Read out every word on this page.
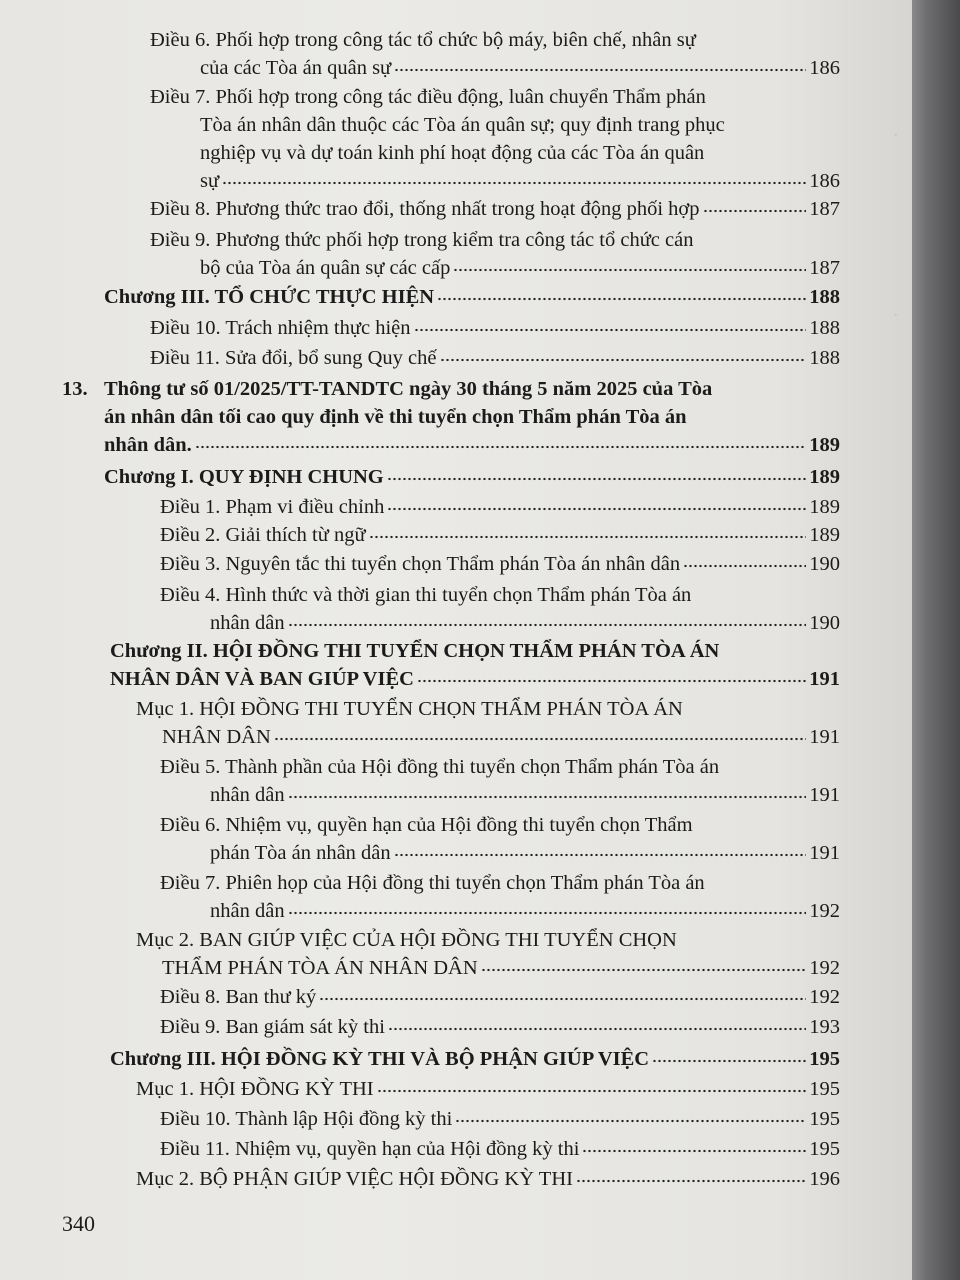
.
.
Điều 6. Phối hợp trong công tác tổ chức bộ máy, biên chế, nhân sự
của các Tòa án quân sự	186
Điều 7. Phối hợp trong công tác điều động, luân chuyển Thẩm phán
Tòa án nhân dân thuộc các Tòa án quân sự; quy định trang phục
nghiệp vụ và dự toán kinh phí hoạt động của các Tòa án quân
sự	186
Điều 8. Phương thức trao đổi, thống nhất trong hoạt động phối hợp	187
Điều 9. Phương thức phối hợp trong kiểm tra công tác tổ chức cán
bộ của Tòa án quân sự các cấp	187
Chương III. TỔ CHỨC THỰC HIỆN	188
Điều 10. Trách nhiệm thực hiện	188
Điều 11. Sửa đổi, bổ sung Quy chế	188
13. Thông tư số 01/2025/TT-TANDTC ngày 30 tháng 5 năm 2025 của Tòa
án nhân dân tối cao quy định về thi tuyển chọn Thẩm phán Tòa án
nhân dân.	189
Chương I. QUY ĐỊNH CHUNG	189
Điều 1. Phạm vi điều chỉnh	189
Điều 2. Giải thích từ ngữ	189
Điều 3. Nguyên tắc thi tuyển chọn Thẩm phán Tòa án nhân dân	190
Điều 4. Hình thức và thời gian thi tuyển chọn Thẩm phán Tòa án
nhân dân	190
Chương II. HỘI ĐỒNG THI TUYỂN CHỌN THẨM PHÁN TÒA ÁN
NHÂN DÂN VÀ BAN GIÚP VIỆC	191
Mục 1. HỘI ĐỒNG THI TUYỂN CHỌN THẨM PHÁN TÒA ÁN
NHÂN DÂN	191
Điều 5. Thành phần của Hội đồng thi tuyển chọn Thẩm phán Tòa án
nhân dân	191
Điều 6. Nhiệm vụ, quyền hạn của Hội đồng thi tuyển chọn Thẩm
phán Tòa án nhân dân	191
Điều 7. Phiên họp của Hội đồng thi tuyển chọn Thẩm phán Tòa án
nhân dân	192
Mục 2. BAN GIÚP VIỆC CỦA HỘI ĐỒNG THI TUYỂN CHỌN
THẨM PHÁN TÒA ÁN NHÂN DÂN	192
Điều 8. Ban thư ký	192
Điều 9. Ban giám sát kỳ thi	193
Chương III. HỘI ĐỒNG KỲ THI VÀ BỘ PHẬN GIÚP VIỆC	195
Mục 1. HỘI ĐỒNG KỲ THI	195
Điều 10. Thành lập Hội đồng kỳ thi	195
Điều 11. Nhiệm vụ, quyền hạn của Hội đồng kỳ thi	195
Mục 2. BỘ PHẬN GIÚP VIỆC HỘI ĐỒNG KỲ THI	196
340
